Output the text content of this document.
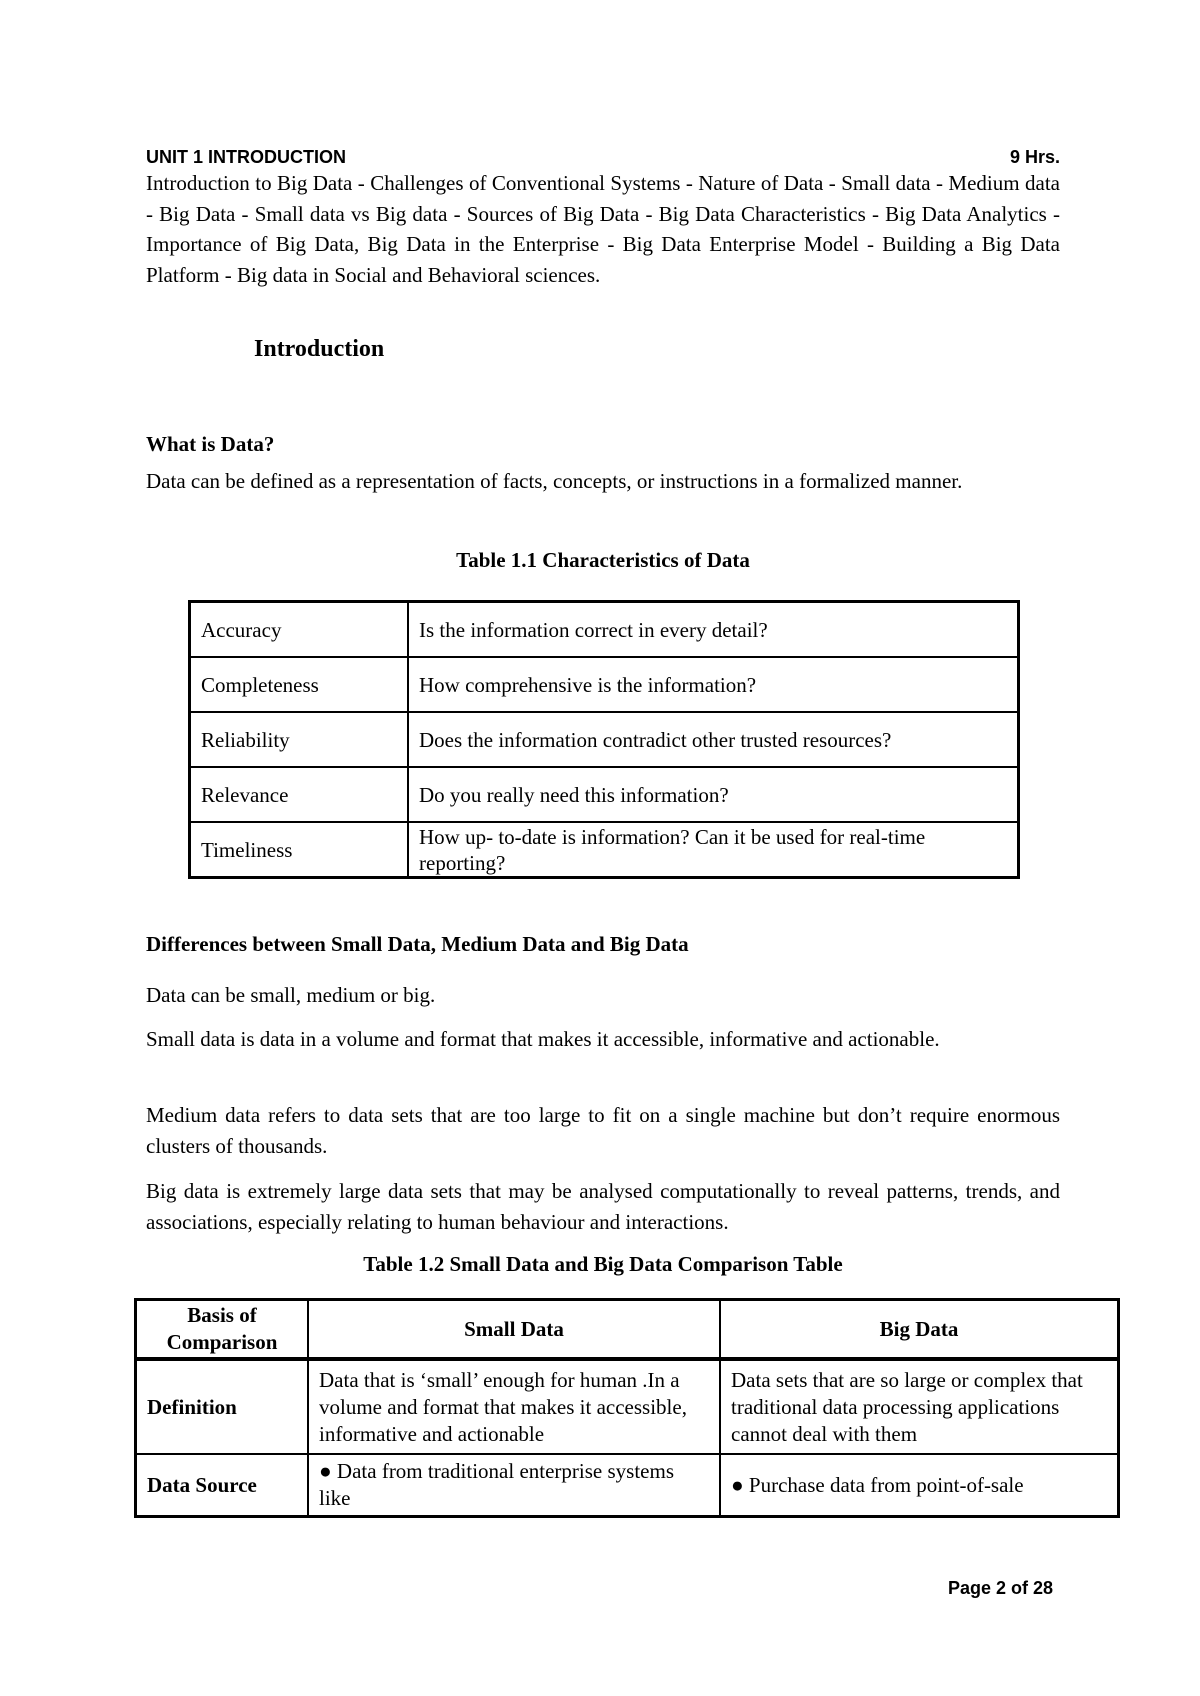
UNIT 1 INTRODUCTION	9 Hrs.

Introduction to Big Data - Challenges of Conventional Systems - Nature of Data - Small data - Medium data - Big Data - Small data vs Big data - Sources of Big Data - Big Data Characteristics - Big Data Analytics - Importance of Big Data, Big Data in the Enterprise - Big Data Enterprise Model - Building a Big Data Platform - Big data in Social and Behavioral sciences.

Introduction
What is Data?

Data can be defined as a representation of facts, concepts, or instructions in a formalized manner.

Table 1.1 Characteristics of Data

Accuracy	Is the information correct in every detail?
Completeness	How comprehensive is the information?
Reliability	Does the information contradict other trusted resources?
Relevance	Do you really need this information?
Timeliness	How up- to-date is information? Can it be used for real-time reporting?
Differences between Small Data, Medium Data and Big Data

Data can be small, medium or big.

Small data is data in a volume and format that makes it accessible, informative and actionable.

Medium data refers to data sets that are too large to fit on a single machine but don’t require enormous clusters of thousands.

Big data is extremely large data sets that may be analysed computationally to reveal patterns, trends, and associations, especially relating to human behaviour and interactions.

Table 1.2 Small Data and Big Data Comparison Table

Basis of Comparison	Small Data	Big Data
Definition	Data that is ‘small’ enough for human .In a volume and format that makes it accessible, informative and actionable	Data sets that are so large or complex that traditional data processing applications cannot deal with them
Data Source	● Data from traditional enterprise systems like	● Purchase data from point-of-sale
Page 2 of 28
